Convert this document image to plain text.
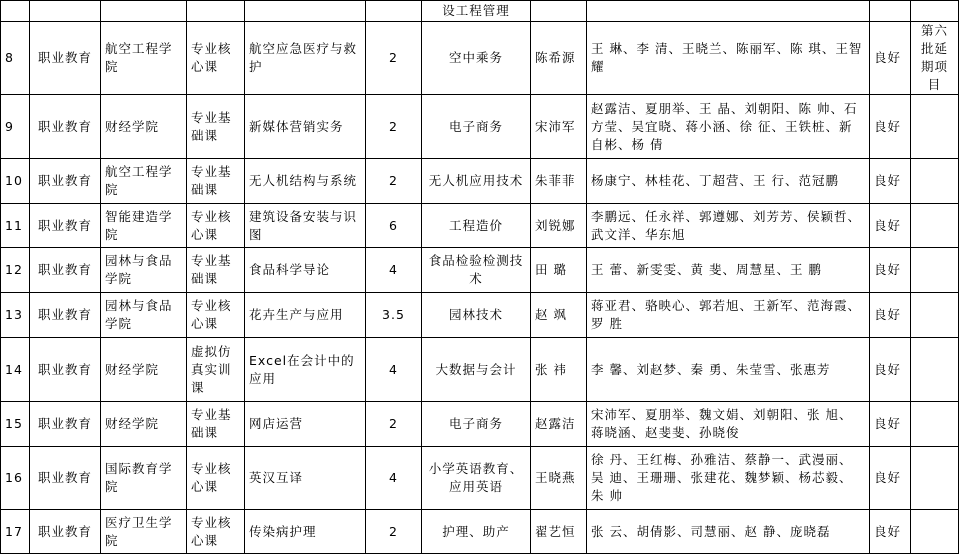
						设工程管理				
8	职业教育	航空工程学院	专业核心课	航空应急医疗与救护	2	空中乘务	陈希源	王 琳、李 清、王晓兰、陈丽军、陈 琪、王智耀	良好	第六批延期项目
9	职业教育	财经学院	专业基础课	新媒体营销实务	2	电子商务	宋沛军	赵露洁、夏朋举、王 晶、刘朝阳、陈 帅、石方莹、吴宜晓、蒋小涵、徐 征、王铁桩、新自彬、杨 倩	良好	
10	职业教育	航空工程学院	专业基础课	无人机结构与系统	2	无人机应用技术	朱菲菲	杨康宁、林桂花、丁超营、王 行、范冠鹏	良好	
11	职业教育	智能建造学院	专业核心课	建筑设备安装与识图	6	工程造价	刘锐娜	李鹏远、任永祥、郭遵娜、刘芳芳、侯颖哲、武文洋、华东旭	良好	
12	职业教育	园林与食品学院	专业基础课	食品科学导论	4	食品检验检测技术	田 璐	王 蕾、新雯雯、黄 斐、周慧星、王 鹏	良好	
13	职业教育	园林与食品学院	专业核心课	花卉生产与应用	3.5	园林技术	赵 飒	蒋亚君、骆映心、郭若旭、王新军、范海霞、罗 胜	良好	
14	职业教育	财经学院	虚拟仿真实训课	Excel在会计中的应用	4	大数据与会计	张 祎	李 馨、刘赵梦、秦 勇、朱莹雪、张惠芳	良好	
15	职业教育	财经学院	专业基础课	网店运营	2	电子商务	赵露洁	宋沛军、夏朋举、魏文娟、刘朝阳、张 旭、蒋晓涵、赵斐斐、孙晓俊	良好	
16	职业教育	国际教育学院	专业核心课	英汉互译	4	小学英语教育、应用英语	王晓燕	徐 丹、王红梅、孙雅洁、蔡静一、武漫丽、吴 迪、王珊珊、张建花、魏梦颖、杨芯毅、朱 帅	良好	
17	职业教育	医疗卫生学院	专业核心课	传染病护理	2	护理、助产	翟艺恒	张 云、胡倩影、司慧丽、赵 静、庞晓磊	良好	
